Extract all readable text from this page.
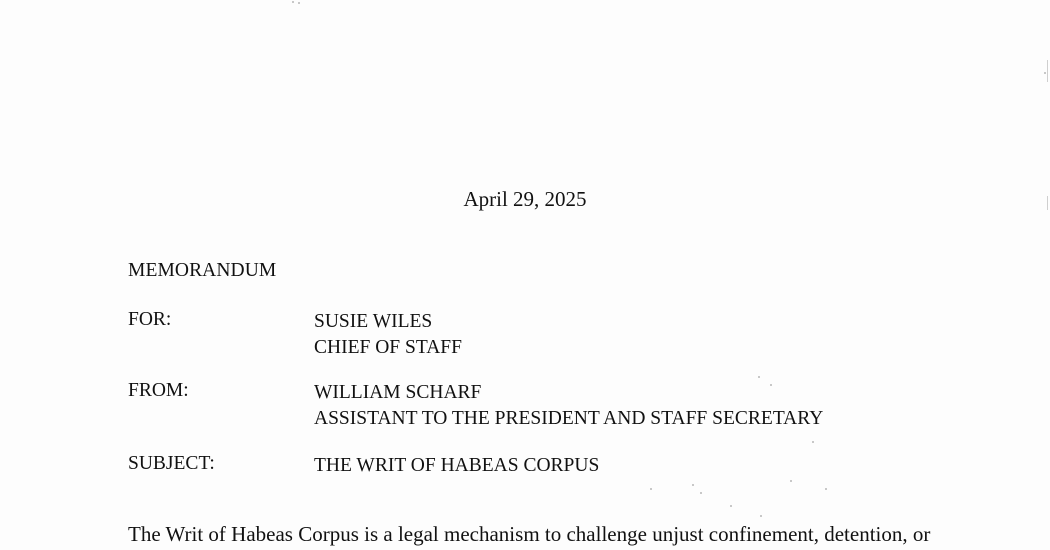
April 29, 2025
MEMORANDUM
FOR:	SUSIE WILES
CHIEF OF STAFF
FROM:	WILLIAM SCHARF
ASSISTANT TO THE PRESIDENT AND STAFF SECRETARY
SUBJECT:	THE WRIT OF HABEAS CORPUS
The Writ of Habeas Corpus is a legal mechanism to challenge unjust confinement, detention, or
